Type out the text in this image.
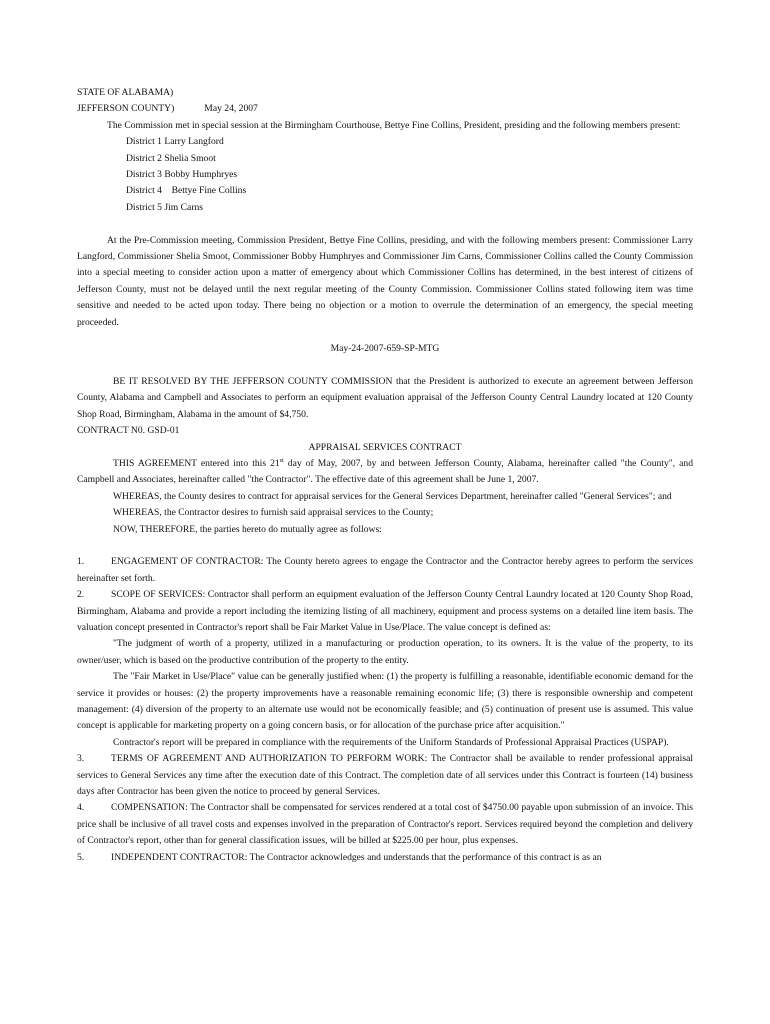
STATE OF ALABAMA)

JEFFERSON COUNTY)	May 24, 2007

The Commission met in special session at the Birmingham Courthouse, Bettye Fine Collins, President, presiding and the following members present:

District 1 Larry Langford

District 2 Shelia Smoot

District 3 Bobby Humphryes

District 4    Bettye Fine Collins

District 5 Jim Carns

At the Pre-Commission meeting, Commission President, Bettye Fine Collins, presiding, and with the following members present: Commissioner Larry Langford, Commissioner Shelia Smoot, Commissioner Bobby Humphryes and Commissioner Jim Carns, Commissioner Collins called the County Commission into a special meeting to consider action upon a matter of emergency about which Commissioner Collins has determined, in the best interest of citizens of Jefferson County, must not be delayed until the next regular meeting of the County Commission. Commissioner Collins stated following item was time sensitive and needed to be acted upon today. There being no objection or a motion to overrule the determination of an emergency, the special meeting proceeded.

May-24-2007-659-SP-MTG

BE IT RESOLVED BY THE JEFFERSON COUNTY COMMISSION that the President is authorized to execute an agreement between Jefferson County, Alabama and Campbell and Associates to perform an equipment evaluation appraisal of the Jefferson County Central Laundry located at 120 County Shop Road, Birmingham, Alabama in the amount of $4,750.

CONTRACT N0. GSD-01

APPRAISAL SERVICES CONTRACT

THIS AGREEMENT entered into this 21st day of May, 2007, by and between Jefferson County, Alabama, hereinafter called "the County", and Campbell and Associates, hereinafter called "the Contractor". The effective date of this agreement shall be June 1, 2007.

WHEREAS, the County desires to contract for appraisal services for the General Services Department, hereinafter called "General Services"; and

WHEREAS, the Contractor desires to furnish said appraisal services to the County;

NOW, THEREFORE, the parties hereto do mutually agree as follows:

1.	ENGAGEMENT OF CONTRACTOR: The County hereto agrees to engage the Contractor and the Contractor hereby agrees to perform the services hereinafter set forth.

2.	SCOPE OF SERVICES: Contractor shall perform an equipment evaluation of the Jefferson County Central Laundry located at 120 County Shop Road, Birmingham, Alabama and provide a report including the itemizing listing of all machinery, equipment and process systems on a detailed line item basis. The valuation concept presented in Contractor's report shall be Fair Market Value in Use/Place. The value concept is defined as:

"The judgment of worth of a property, utilized in a manufacturing or production operation, to its owners. It is the value of the property, to its owner/user, which is based on the productive contribution of the property to the entity.

The "Fair Market in Use/Place" value can be generally justified when: (1) the property is fulfilling a reasonable, identifiable economic demand for the service it provides or houses: (2) the property improvements have a reasonable remaining economic life; (3) there is responsible ownership and competent management: (4) diversion of the property to an alternate use would not be economically feasible; and (5) continuation of present use is assumed. This value concept is applicable for marketing property on a going concern basis, or for allocation of the purchase price after acquisition."

Contractor's report will be prepared in compliance with the requirements of the Uniform Standards of Professional Appraisal Practices (USPAP).

3.	TERMS OF AGREEMENT AND AUTHORIZATION TO PERFORM WORK: The Contractor shall be available to render professional appraisal services to General Services any time after the execution date of this Contract. The completion date of all services under this Contract is fourteen (14) business days after Contractor has been given the notice to proceed by general Services.

4.	COMPENSATION: The Contractor shall be compensated for services rendered at a total cost of $4750.00 payable upon submission of an invoice. This price shall be inclusive of all travel costs and expenses involved in the preparation of Contractor's report. Services required beyond the completion and delivery of Contractor's report, other than for general classification issues, will be billed at $225.00 per hour, plus expenses.

5.	INDEPENDENT CONTRACTOR: The Contractor acknowledges and understands that the performance of this contract is as an
